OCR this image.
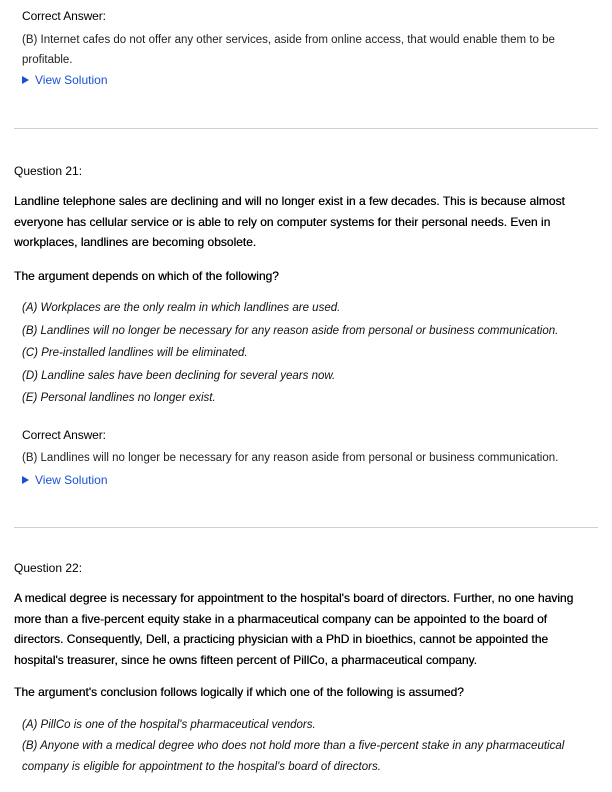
Correct Answer:
(B) Internet cafes do not offer any other services, aside from online access, that would enable them to be profitable.
View Solution
Question 21:
Landline telephone sales are declining and will no longer exist in a few decades. This is because almost everyone has cellular service or is able to rely on computer systems for their personal needs. Even in workplaces, landlines are becoming obsolete.
The argument depends on which of the following?
(A) Workplaces are the only realm in which landlines are used.
(B) Landlines will no longer be necessary for any reason aside from personal or business communication.
(C) Pre-installed landlines will be eliminated.
(D) Landline sales have been declining for several years now.
(E) Personal landlines no longer exist.
Correct Answer:
(B) Landlines will no longer be necessary for any reason aside from personal or business communication.
View Solution
Question 22:
A medical degree is necessary for appointment to the hospital's board of directors. Further, no one having more than a five-percent equity stake in a pharmaceutical company can be appointed to the board of directors. Consequently, Dell, a practicing physician with a PhD in bioethics, cannot be appointed the hospital's treasurer, since he owns fifteen percent of PillCo, a pharmaceutical company.
The argument's conclusion follows logically if which one of the following is assumed?
(A) PillCo is one of the hospital's pharmaceutical vendors.
(B) Anyone with a medical degree who does not hold more than a five-percent stake in any pharmaceutical company is eligible for appointment to the hospital's board of directors.
